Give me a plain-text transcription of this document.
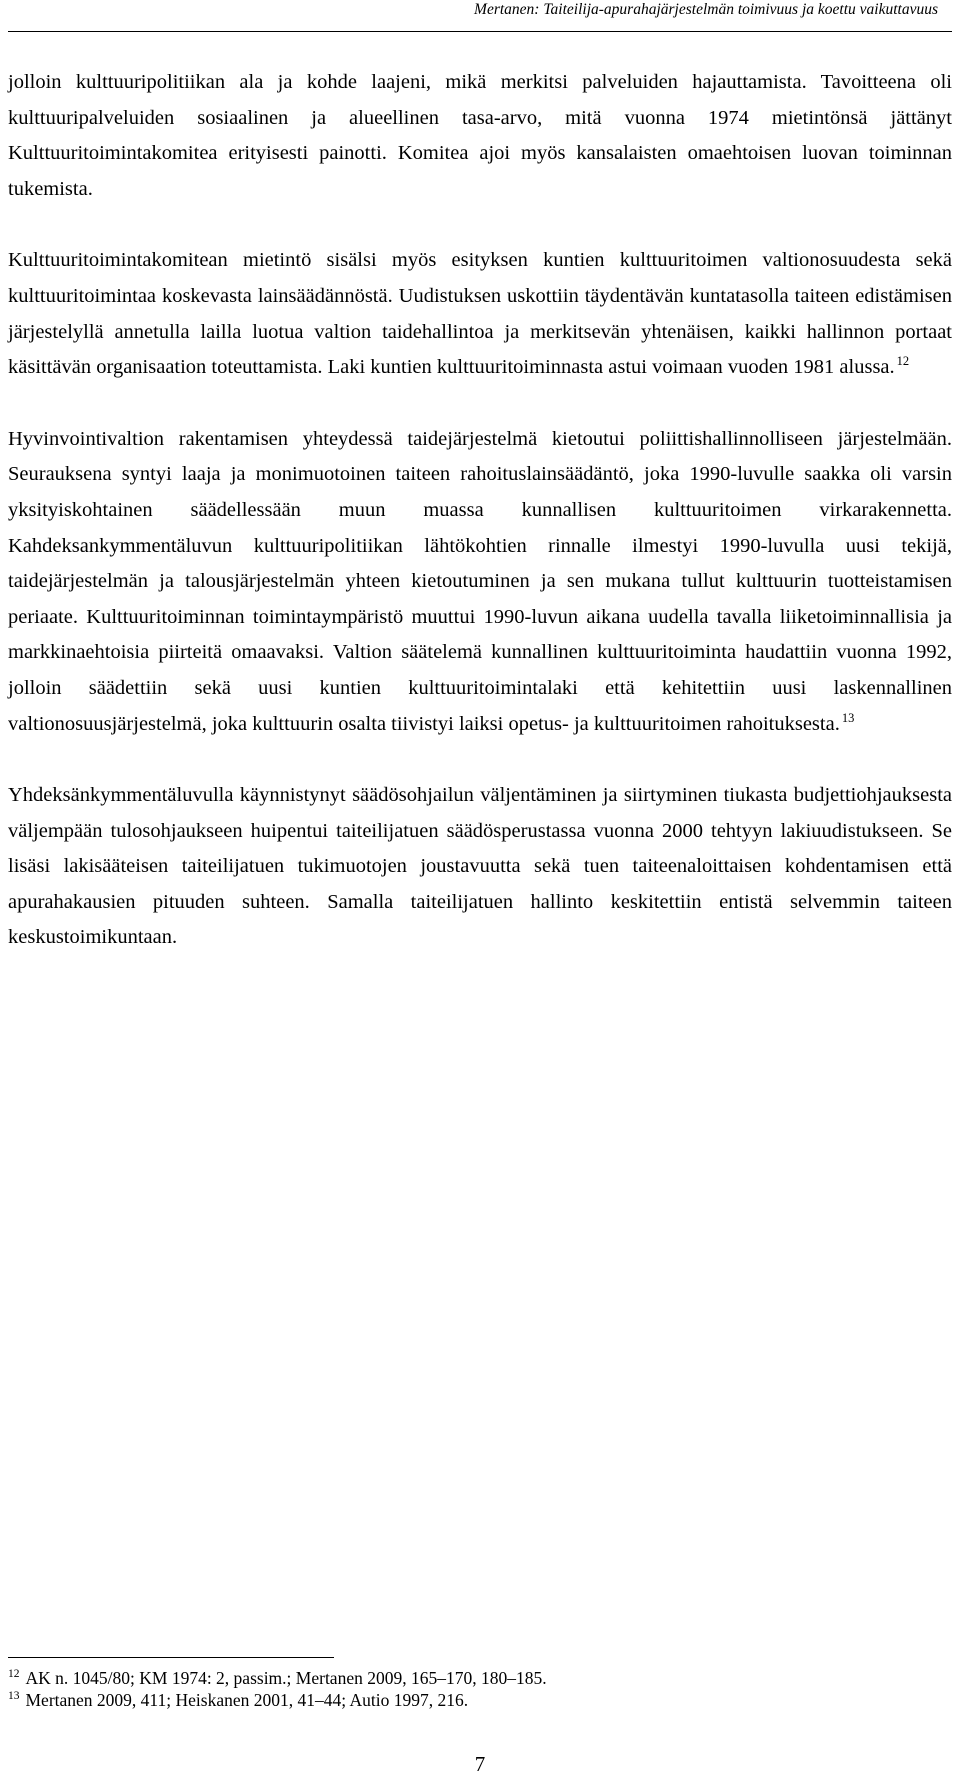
Mertanen: Taiteilija-apurahajärjestelmän toimivuus ja koettu vaikuttavuus

jolloin kulttuuripolitiikan ala ja kohde laajeni, mikä merkitsi palveluiden hajauttamista. Tavoitteena oli kulttuuripalveluiden sosiaalinen ja alueellinen tasa-arvo, mitä vuonna 1974 mietintönsä jättänyt Kulttuuritoimintakomitea erityisesti painotti. Komitea ajoi myös kansalaisten omaehtoisen luovan toiminnan tukemista.

Kulttuuritoimintakomitean mietintö sisälsi myös esityksen kuntien kulttuuritoimen valtionosuudesta sekä kulttuuritoimintaa koskevasta lainsäädännöstä. Uudistuksen uskottiin täydentävän kuntatasolla taiteen edistämisen järjestelyllä annetulla lailla luotua valtion taidehallintoa ja merkitsevän yhtenäisen, kaikki hallinnon portaat käsittävän organisaation toteuttamista. Laki kuntien kulttuuritoiminnasta astui voimaan vuoden 1981 alussa. $^{12}$

Hyvinvointivaltion rakentamisen yhteydessä taidejärjestelmä kietoutui poliittishallinnolliseen järjestelmään. Seurauksena syntyi laaja ja monimuotoinen taiteen rahoituslainsäädäntö, joka 1990-luvulle saakka oli varsin yksityiskohtainen säädellessään muun muassa kunnallisen kulttuuritoimen virkarakennetta. Kahdeksankymmentäluvun kulttuuripolitiikan lähtökohtien rinnalle ilmestyi 1990-luvulla uusi tekijä, taidejärjestelmän ja talousjärjestelmän yhteen kietoutuminen ja sen mukana tullut kulttuurin tuotteistamisen periaate. Kulttuuritoiminnan toimintaympäristö muuttui 1990-luvun aikana uudella tavalla liiketoiminnallisia ja markkinaehtoisia piirteitä omaavaksi. Valtion säätelemä kunnallinen kulttuuritoiminta haudattiin vuonna 1992, jolloin säädettiin sekä uusi kuntien kulttuuritoimintalaki että kehitettiin uusi laskennallinen valtionosuusjärjestelmä, joka kulttuurin osalta tiivistyi laiksi opetus- ja kulttuuritoimen rahoituksesta. $^{13}$

Yhdeksänkymmentäluvulla käynnistynyt säädösohjailun väljentäminen ja siirtyminen tiukasta budjettiohjauksesta väljempään tulosohjaukseen huipentui taiteilijatuen säädösperustassa vuonna 2000 tehtyyn lakiuudistukseen. Se lisäsi lakisääteisen taiteilijatuen tukimuotojen joustavuutta sekä tuen taiteenaloittaisen kohdentamisen että apurahakausien pituuden suhteen. Samalla taiteilijatuen hallinto keskitettiin entistä selvemmin taiteen keskustoimikuntaan.

$^{12}$ AK n. 1045/80; KM 1974: 2, passim.; Mertanen 2009, 165–170, 180–185.

$^{13}$ Mertanen 2009, 411; Heiskanen 2001, 41–44; Autio 1997, 216.

7
